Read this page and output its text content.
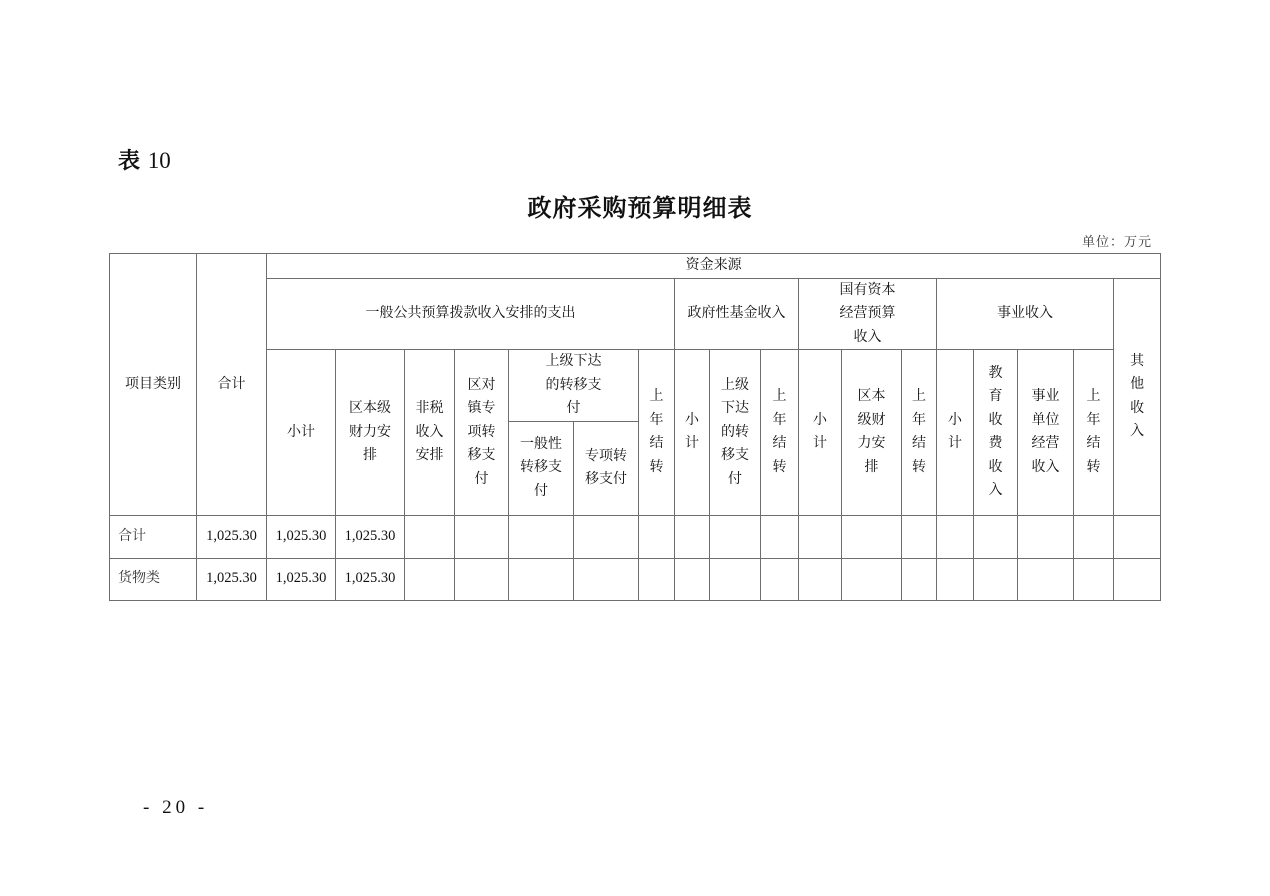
表 10
政府采购预算明细表
单位：万元
项目类别	合计	资金来源																	
		一般公共预算拨款收入安排的支出							政府性基金收入			国有资本经营预算收入			事业收入				其他收入
		小计	区本级财力安排	非税收入安排	区对镇专项转移支付	上级下达的转移支付		上年结转	小计	上级下达的转移支付	上年结转	小计	区本级财力安排	上年结转	小计	教育收费收入	事业单位经营收入	上年结转	
						一般性转移支付	专项转移支付												
合计	1,025.30	1,025.30	1,025.30																
货物类	1,025.30	1,025.30	1,025.30																
- 20 -
